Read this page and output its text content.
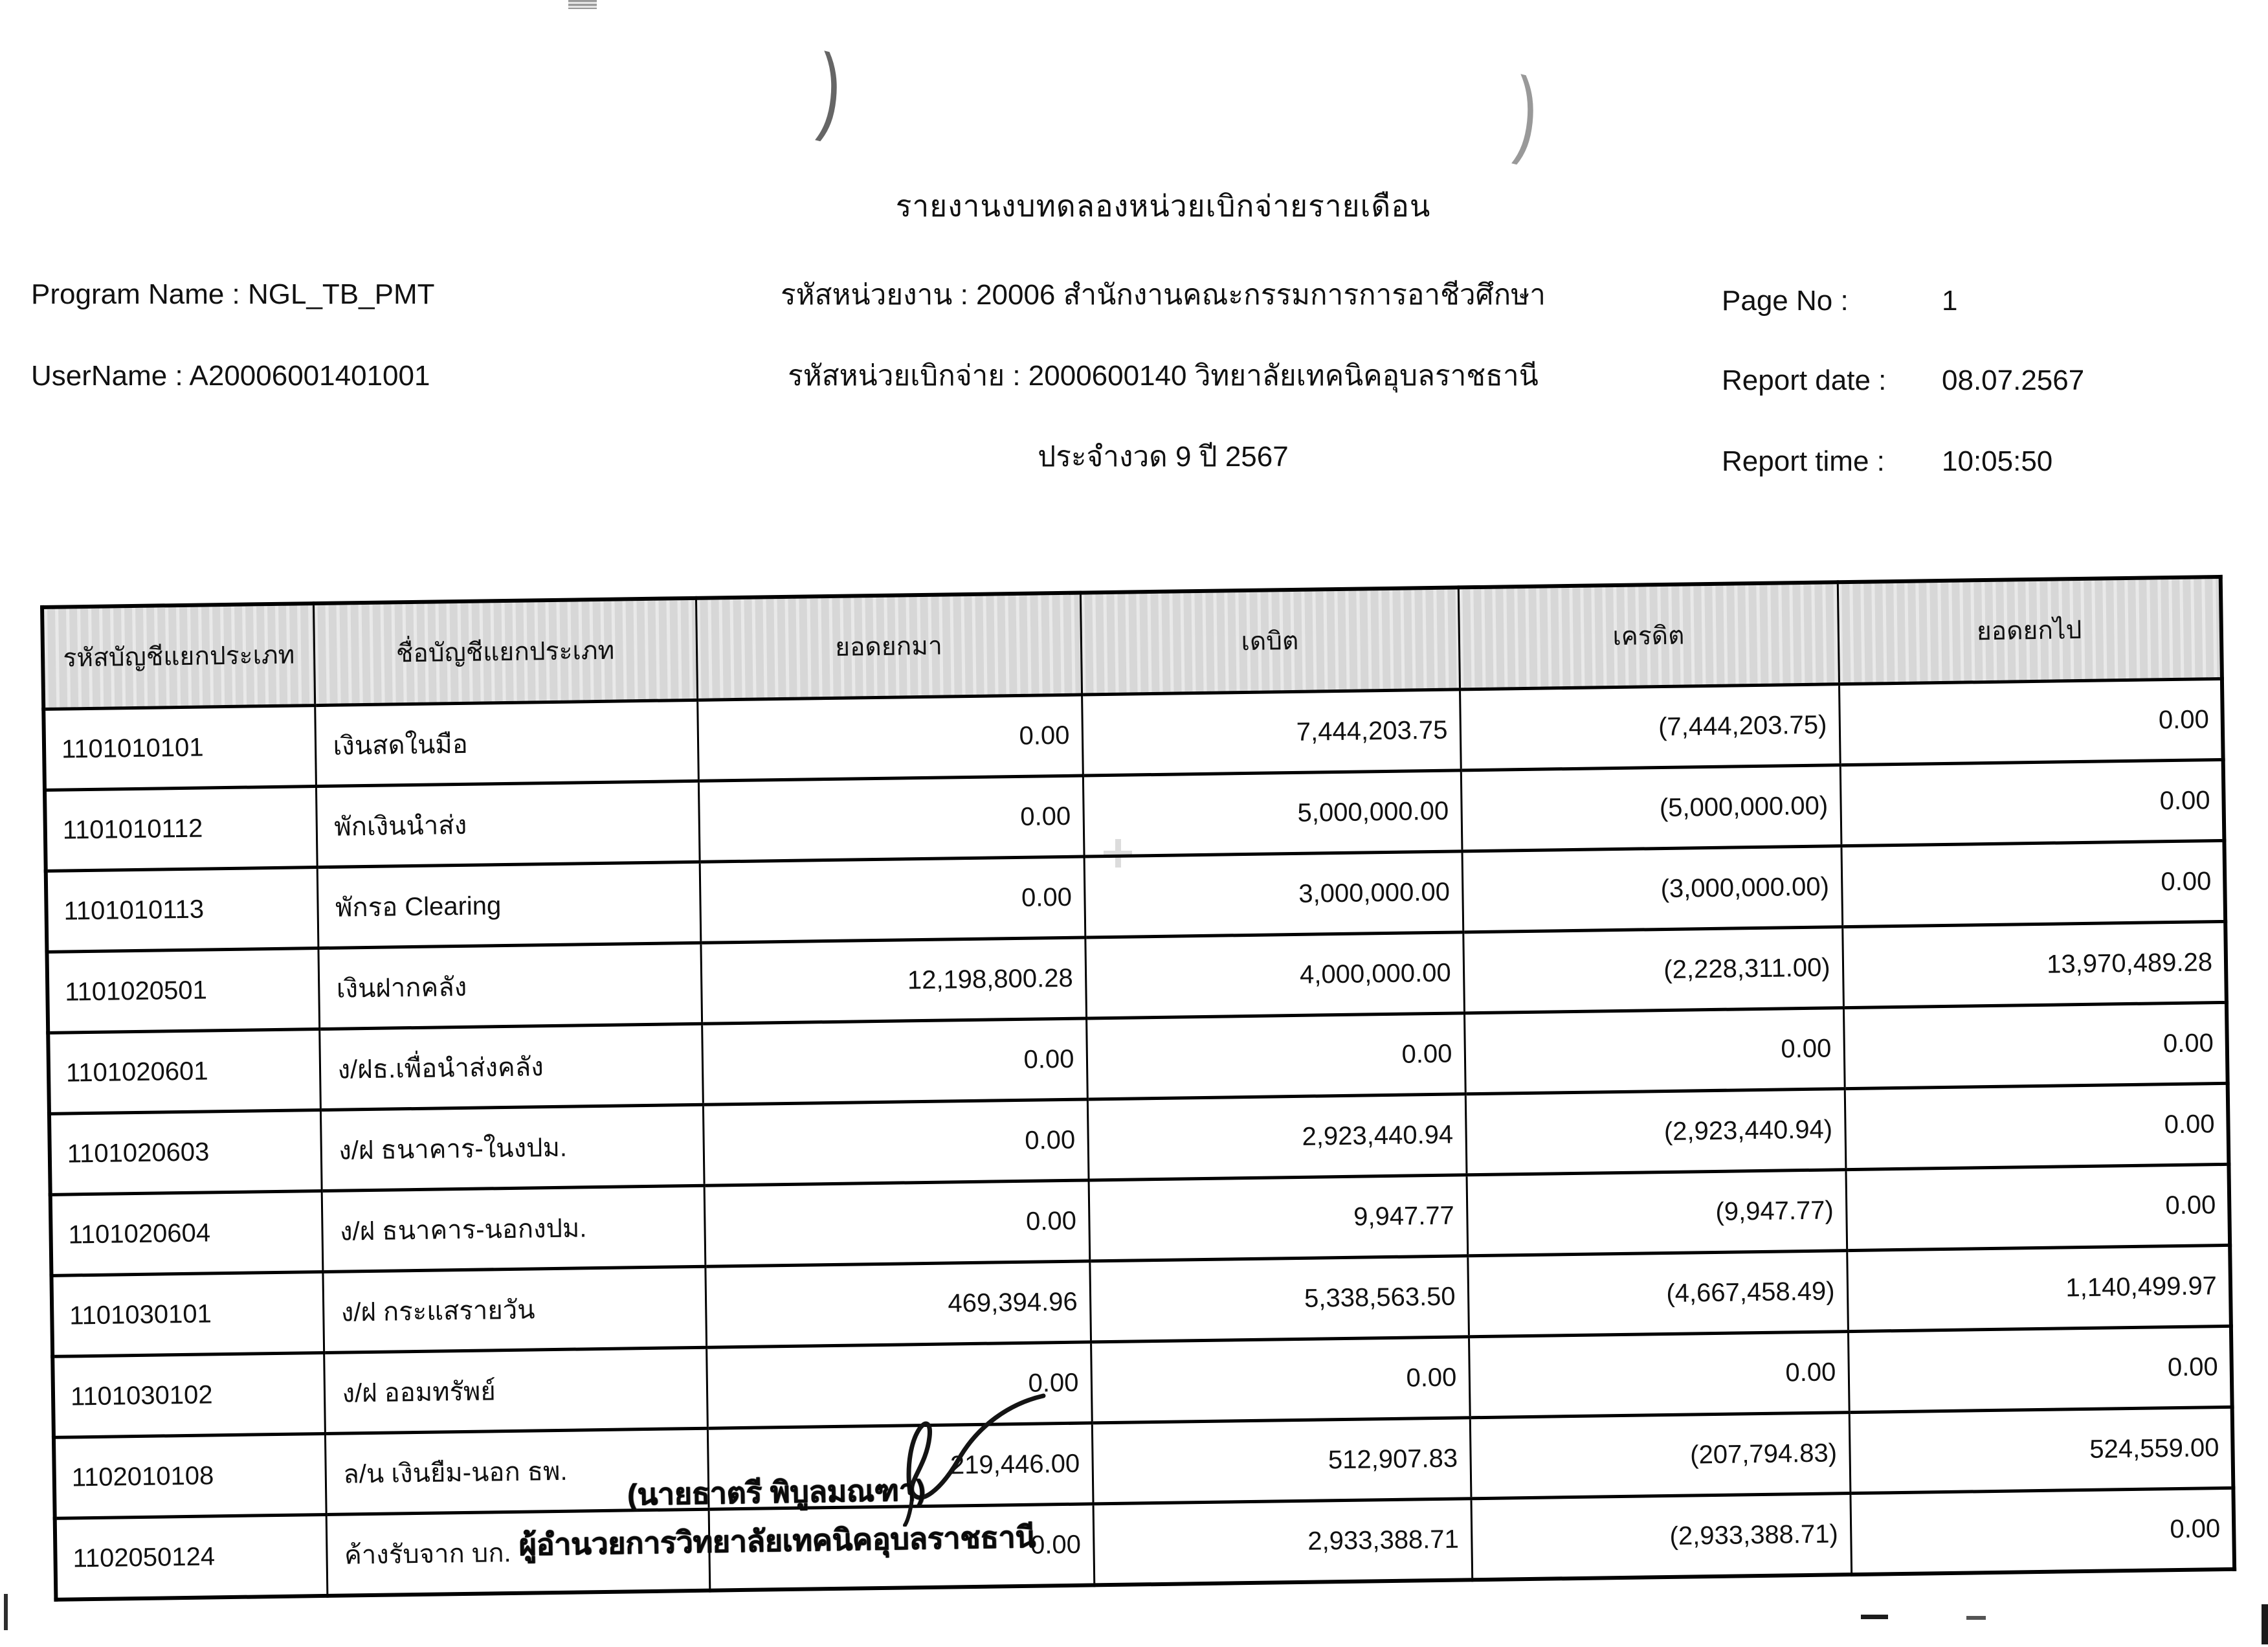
)	)
รายงานงบทดลองหน่วยเบิกจ่ายรายเดือน
Program Name : NGL_TB_PMT
UserName : A20006001401001
รหัสหน่วยงาน : 20006 สำนักงานคณะกรรมการการอาชีวศึกษา
รหัสหน่วยเบิกจ่าย : 2000600140 วิทยาลัยเทคนิคอุบลราชธานี
ประจำงวด 9 ปี 2567
Page No :	1
Report date : 08.07.2567
Report time : 10:05:50
รหัสบัญชีแยกประเภท	ชื่อบัญชีแยกประเภท	ยอดยกมา	เดบิต	เครดิต	ยอดยกไป
1101010101	เงินสดในมือ	0.00	7,444,203.75	(7,444,203.75)	0.00
1101010112	พักเงินนำส่ง	0.00	5,000,000.00	(5,000,000.00)	0.00
1101010113	พักรอ Clearing	0.00	3,000,000.00	(3,000,000.00)	0.00
1101020501	เงินฝากคลัง	12,198,800.28	4,000,000.00	(2,228,311.00)	13,970,489.28
1101020601	ง/ฝธ.เพื่อนำส่งคลัง	0.00	0.00	0.00	0.00
1101020603	ง/ฝ ธนาคาร-ในงปม.	0.00	2,923,440.94	(2,923,440.94)	0.00
1101020604	ง/ฝ ธนาคาร-นอกงปม.	0.00	9,947.77	(9,947.77)	0.00
1101030101	ง/ฝ กระแสรายวัน	469,394.96	5,338,563.50	(4,667,458.49)	1,140,499.97
1101030102	ง/ฝ ออมทรัพย์	0.00	0.00	0.00	0.00
1102010108	ล/น เงินยืม-นอก ธพ.	219,446.00	512,907.83	(207,794.83)	524,559.00
1102050124	ค้างรับจาก บก.	0.00	2,933,388.71	(2,933,388.71)	0.00
(นายธาตรี พิบูลมณฑา)
ผู้อำนวยการวิทยาลัยเทคนิคอุบลราชธานี
